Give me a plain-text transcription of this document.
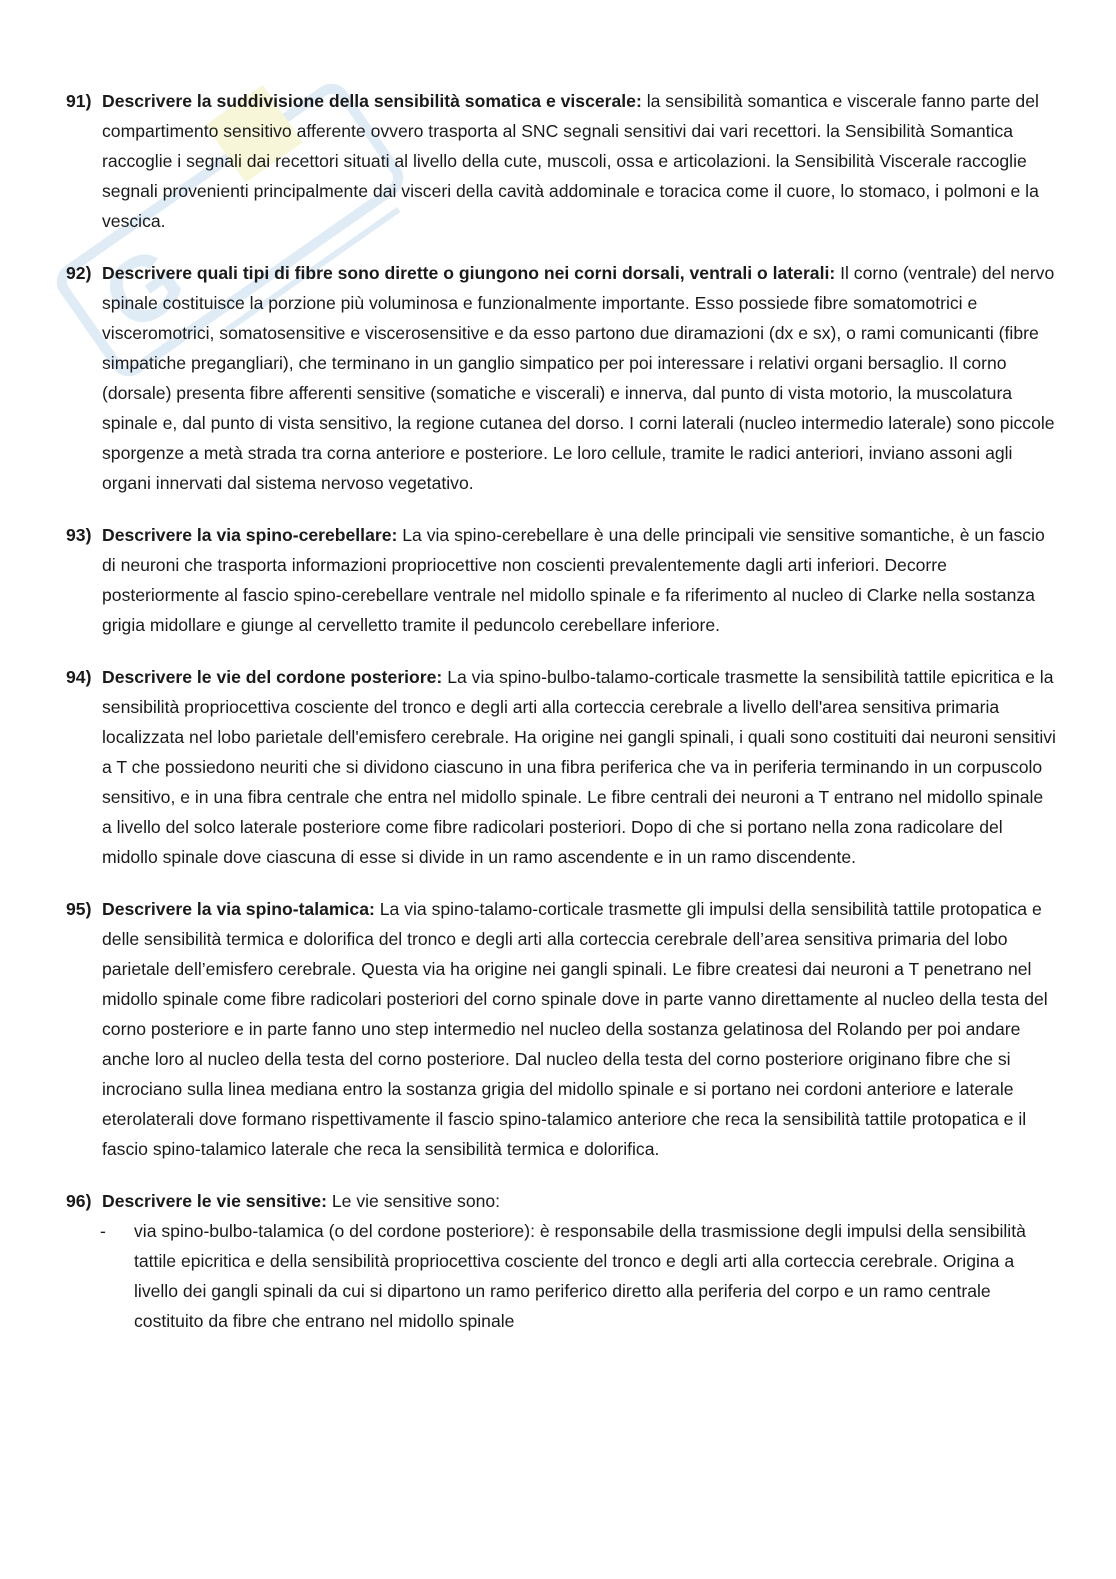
G
91) Descrivere la suddivisione della sensibilità somatica e viscerale: la sensibilità somantica e viscerale fanno parte del compartimento sensitivo afferente ovvero trasporta al SNC segnali sensitivi dai vari recettori. la Sensibilità Somantica raccoglie i segnali dai recettori situati al livello della cute, muscoli, ossa e articolazioni. la Sensibilità Viscerale raccoglie segnali provenienti principalmente dai visceri della cavità addominale e toracica come il cuore, lo stomaco, i polmoni e la vescica.
92) Descrivere quali tipi di fibre sono dirette o giungono nei corni dorsali, ventrali o laterali: Il corno (ventrale) del nervo spinale costituisce la porzione più voluminosa e funzionalmente importante. Esso possiede fibre somatomotrici e visceromotrici, somatosensitive e viscerosensitive e da esso partono due diramazioni (dx e sx), o rami comunicanti (fibre simpatiche pregangliari), che terminano in un ganglio simpatico per poi interessare i relativi organi bersaglio. Il corno (dorsale) presenta fibre afferenti sensitive (somatiche e viscerali) e innerva, dal punto di vista motorio, la muscolatura spinale e, dal punto di vista sensitivo, la regione cutanea del dorso. I corni laterali (nucleo intermedio laterale) sono piccole sporgenze a metà strada tra corna anteriore e posteriore. Le loro cellule, tramite le radici anteriori, inviano assoni agli organi innervati dal sistema nervoso vegetativo.
93) Descrivere la via spino-cerebellare: La via spino-cerebellare è una delle principali vie sensitive somantiche, è un fascio di neuroni che trasporta informazioni propriocettive non coscienti prevalentemente dagli arti inferiori. Decorre posteriormente al fascio spino-cerebellare ventrale nel midollo spinale e fa riferimento al nucleo di Clarke nella sostanza grigia midollare e giunge al cervelletto tramite il peduncolo cerebellare inferiore.
94) Descrivere le vie del cordone posteriore: La via spino-bulbo-talamo-corticale trasmette la sensibilità tattile epicritica e la sensibilità propriocettiva cosciente del tronco e degli arti alla corteccia cerebrale a livello dell'area sensitiva primaria localizzata nel lobo parietale dell'emisfero cerebrale. Ha origine nei gangli spinali, i quali sono costituiti dai neuroni sensitivi a T che possiedono neuriti che si dividono ciascuno in una fibra periferica che va in periferia terminando in un corpuscolo sensitivo, e in una fibra centrale che entra nel midollo spinale. Le fibre centrali dei neuroni a T entrano nel midollo spinale a livello del solco laterale posteriore come fibre radicolari posteriori. Dopo di che si portano nella zona radicolare del midollo spinale dove ciascuna di esse si divide in un ramo ascendente e in un ramo discendente.
95) Descrivere la via spino-talamica: La via spino-talamo-corticale trasmette gli impulsi della sensibilità tattile protopatica e delle sensibilità termica e dolorifica del tronco e degli arti alla corteccia cerebrale dell’area sensitiva primaria del lobo parietale dell’emisfero cerebrale. Questa via ha origine nei gangli spinali. Le fibre createsi dai neuroni a T penetrano nel midollo spinale come fibre radicolari posteriori del corno spinale dove in parte vanno direttamente al nucleo della testa del corno posteriore e in parte fanno uno step intermedio nel nucleo della sostanza gelatinosa del Rolando per poi andare anche loro al nucleo della testa del corno posteriore. Dal nucleo della testa del corno posteriore originano fibre che si incrociano sulla linea mediana entro la sostanza grigia del midollo spinale e si portano nei cordoni anteriore e laterale eterolaterali dove formano rispettivamente il fascio spino-talamico anteriore che reca la sensibilità tattile protopatica e il fascio spino-talamico laterale che reca la sensibilità termica e dolorifica.
96) Descrivere le vie sensitive: Le vie sensitive sono:
- via spino-bulbo-talamica (o del cordone posteriore): è responsabile della trasmissione degli impulsi della sensibilità tattile epicritica e della sensibilità propriocettiva cosciente del tronco e degli arti alla corteccia cerebrale. Origina a livello dei gangli spinali da cui si dipartono un ramo periferico diretto alla periferia del corpo e un ramo centrale costituito da fibre che entrano nel midollo spinale
